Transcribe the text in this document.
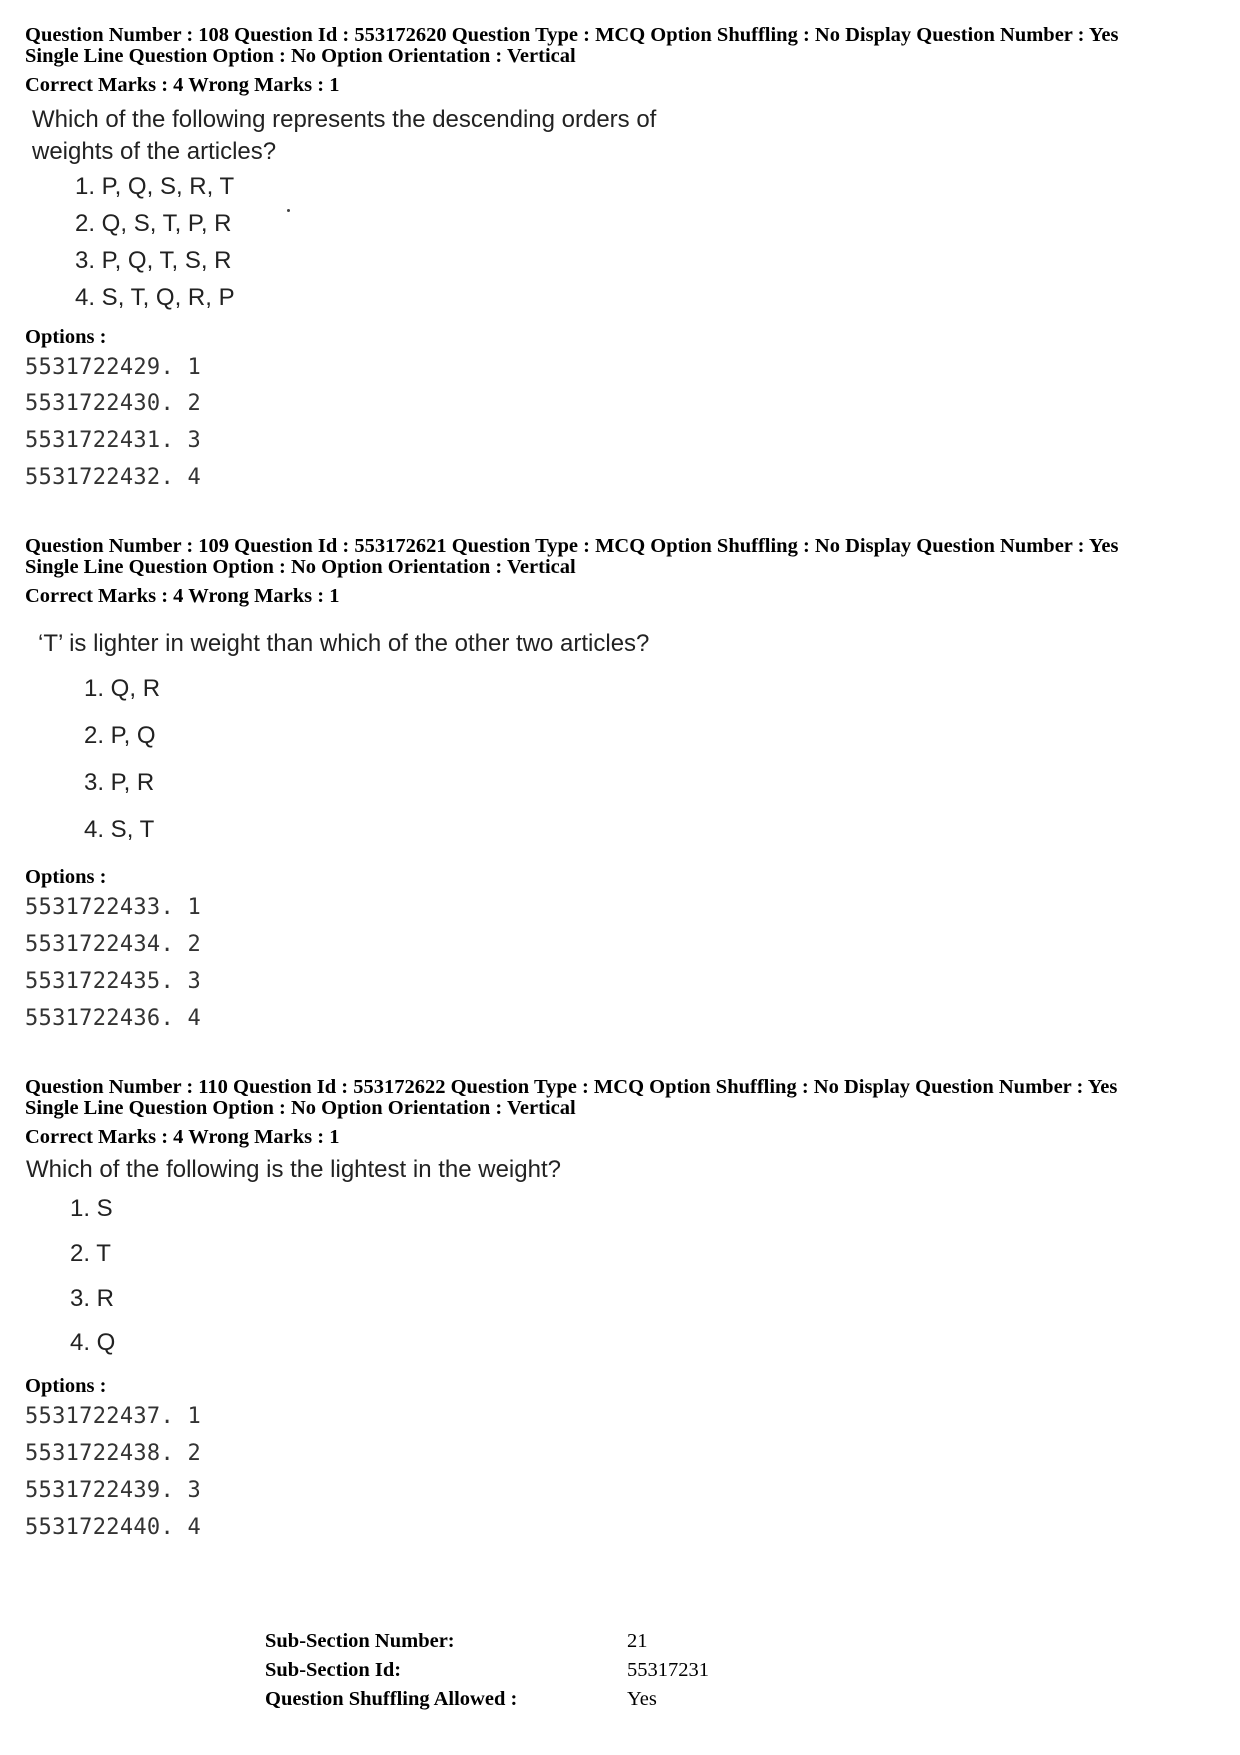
Question Number : 108 Question Id : 553172620 Question Type : MCQ Option Shuffling : No Display Question Number : Yes
Single Line Question Option : No Option Orientation : Vertical
Correct Marks : 4 Wrong Marks : 1
Which of the following represents the descending orders of
weights of the articles?
1. P, Q, S, R, T
2. Q, S, T, P, R
3. P, Q, T, S, R
4. S, T, Q, R, P
Options :
5531722429. 1
5531722430. 2
5531722431. 3
5531722432. 4
Question Number : 109 Question Id : 553172621 Question Type : MCQ Option Shuffling : No Display Question Number : Yes
Single Line Question Option : No Option Orientation : Vertical
Correct Marks : 4 Wrong Marks : 1
‘T’ is lighter in weight than which of the other two articles?
1. Q, R
2. P, Q
3. P, R
4. S, T
Options :
5531722433. 1
5531722434. 2
5531722435. 3
5531722436. 4
Question Number : 110 Question Id : 553172622 Question Type : MCQ Option Shuffling : No Display Question Number : Yes
Single Line Question Option : No Option Orientation : Vertical
Correct Marks : 4 Wrong Marks : 1
Which of the following is the lightest in the weight?
1. S
2. T
3. R
4. Q
Options :
5531722437. 1
5531722438. 2
5531722439. 3
5531722440. 4
Sub-Section Number:	21
Sub-Section Id:	55317231
Question Shuffling Allowed :	Yes
